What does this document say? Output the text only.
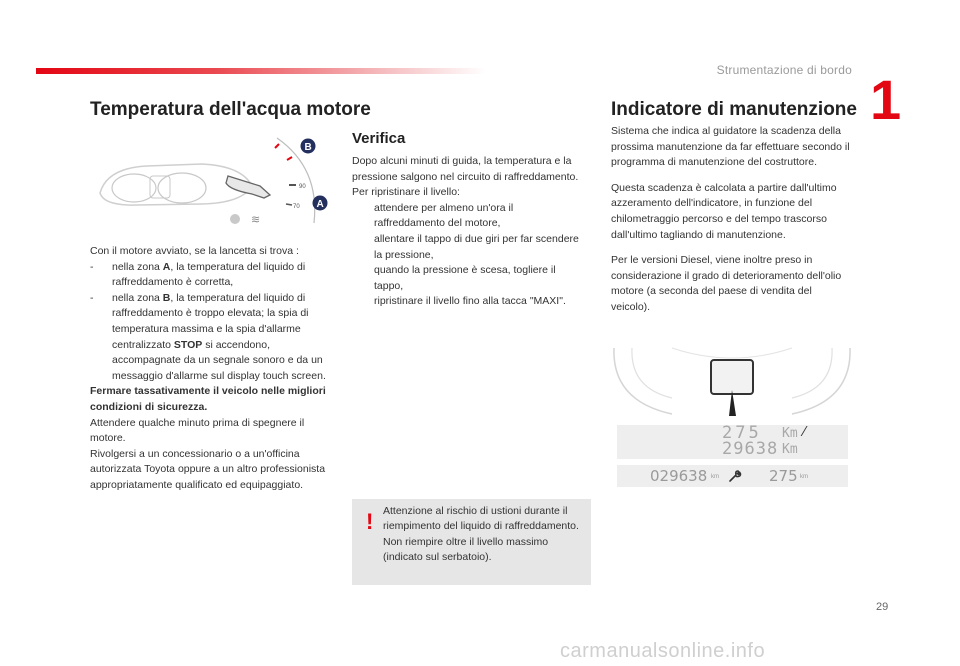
Strumentazione di bordo 1
Temperatura dell'acqua motore
90
70
≋
B
A

Con il motore avviato, se la lancetta si trova :

-	nella zona A, la temperatura del liquido di raffreddamento è corretta,
-	nella zona B, la temperatura del liquido di raffreddamento è troppo elevata; la spia di temperatura massima e la spia d'allarme centralizzato STOP si accendono, accompagnate da un segnale sonoro e da un messaggio d'allarme sul display touch screen.

Fermare tassativamente il veicolo nelle migliori condizioni di sicurezza.

Attendere qualche minuto prima di spegnere il motore.

Rivolgersi a un concessionario o a un'officina autorizzata Toyota oppure a un altro professionista appropriatamente qualificato ed equipaggiato.

Verifica

Dopo alcuni minuti di guida, la temperatura e la pressione salgono nel circuito di raffreddamento.

Per ripristinare il livello:

attendere per almeno un'ora il raffreddamento del motore,
allentare il tappo di due giri per far scendere la pressione,
quando la pressione è scesa, togliere il tappo,
ripristinare il livello fino alla tacca "MAXI".
! Attenzione al rischio di ustioni durante il riempimento del liquido di raffreddamento. Non riempire oltre il livello massimo (indicato sul serbatoio).
Indicatore di manutenzione

Sistema che indica al guidatore la scadenza della prossima manutenzione da far effettuare secondo il programma di manutenzione del costruttore.

Questa scadenza è calcolata a partire dall'ultimo azzeramento dell'indicatore, in funzione del chilometraggio percorso e del tempo trascorso dall'ultimo tagliando di manutenzione.

Per le versioni Diesel, viene inoltre preso in considerazione il grado di deterioramento dell'olio motore (a seconda del paese di vendita del veicolo).

275 Km ⁄
29638 Km
029638 km	275 km
29
carmanualsonline.info
